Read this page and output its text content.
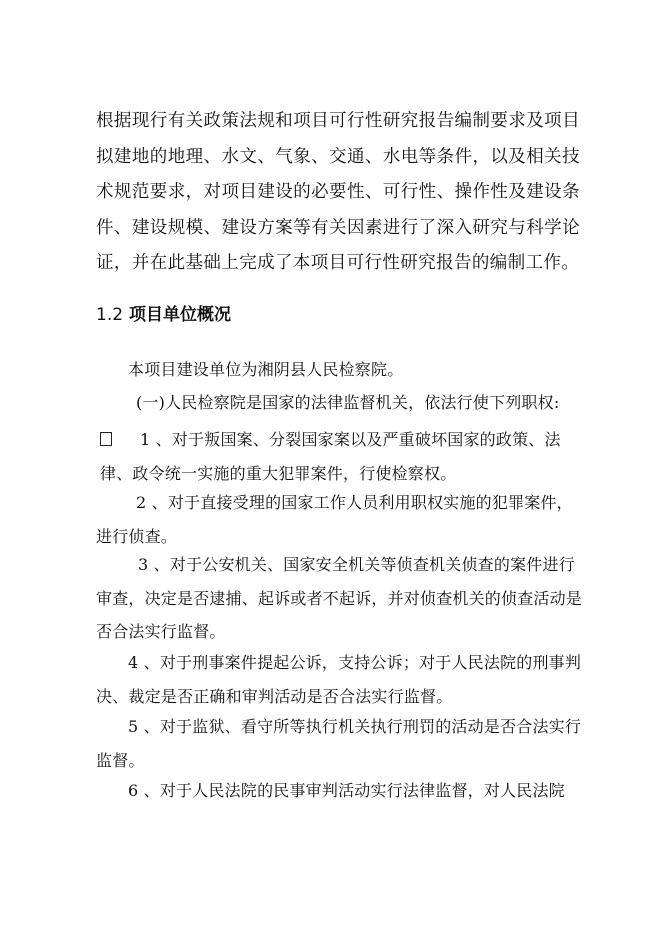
根据现行有关政策法规和项目可行性研究报告编制要求及项目拟建地的地理、水文、气象、交通、水电等条件，以及相关技术规范要求，对项目建设的必要性、可行性、操作性及建设条件、建设规模、建设方案等有关因素进行了深入研究与科学论证，并在此基础上完成了本项目可行性研究报告的编制工作。

1.2 项目单位概况

本项目建设单位为湘阴县人民检察院。

(一)人民检察院是国家的法律监督机关，依法行使下列职权:

1 、对于叛国案、分裂国家案以及严重破坏国家的政策、法律、政令统一实施的重大犯罪案件，行使检察权。

2 、对于直接受理的国家工作人员利用职权实施的犯罪案件，进行侦查。

3 、对于公安机关、国家安全机关等侦查机关侦查的案件进行审查，决定是否逮捕、起诉或者不起诉，并对侦查机关的侦查活动是否合法实行监督。

4 、对于刑事案件提起公诉，支持公诉；对于人民法院的刑事判决、裁定是否正确和审判活动是否合法实行监督。

5 、对于监狱、看守所等执行机关执行刑罚的活动是否合法实行监督。

6 、对于人民法院的民事审判活动实行法律监督，对人民法院
